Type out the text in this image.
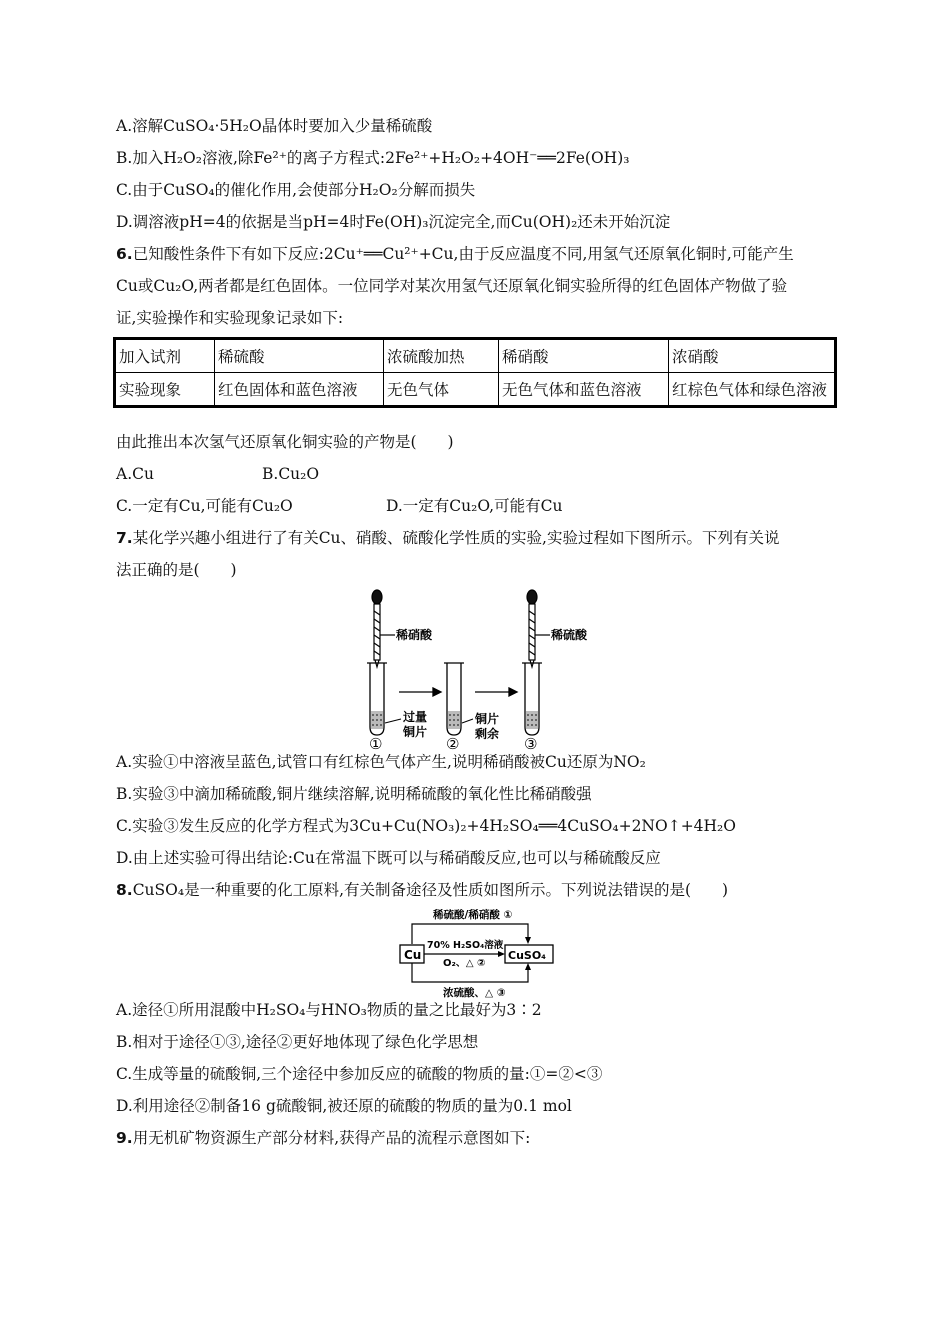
A.溶解CuSO₄·5H₂O晶体时要加入少量稀硫酸
B.加入H₂O₂溶液,除Fe²⁺的离子方程式:2Fe²⁺+H₂O₂+4OH⁻══2Fe(OH)₃
C.由于CuSO₄的催化作用,会使部分H₂O₂分解而损失
D.调溶液pH=4的依据是当pH=4时Fe(OH)₃沉淀完全,而Cu(OH)₂还未开始沉淀
6.已知酸性条件下有如下反应:2Cu⁺══Cu²⁺+Cu,由于反应温度不同,用氢气还原氧化铜时,可能产生
Cu或Cu₂O,两者都是红色固体。一位同学对某次用氢气还原氧化铜实验所得的红色固体产物做了验
证,实验操作和实验现象记录如下:
加入试剂	稀硫酸	浓硫酸加热	稀硝酸	浓硝酸
实验现象	红色固体和蓝色溶液	无色气体	无色气体和蓝色溶液	红棕色气体和绿色溶液
由此推出本次氢气还原氧化铜实验的产物是(　　)
A.Cu	B.Cu₂O
C.一定有Cu,可能有Cu₂O	D.一定有Cu₂O,可能有Cu
7.某化学兴趣小组进行了有关Cu、硝酸、硫酸化学性质的实验,实验过程如下图所示。下列有关说
法正确的是(　　)
稀硝酸
过量
铜片
①
铜片
剩余
②
稀硫酸
③
A.实验①中溶液呈蓝色,试管口有红棕色气体产生,说明稀硝酸被Cu还原为NO₂
B.实验③中滴加稀硫酸,铜片继续溶解,说明稀硫酸的氧化性比稀硝酸强
C.实验③发生反应的化学方程式为3Cu+Cu(NO₃)₂+4H₂SO₄══4CuSO₄+2NO↑+4H₂O
D.由上述实验可得出结论:Cu在常温下既可以与稀硝酸反应,也可以与稀硫酸反应
8.CuSO₄是一种重要的化工原料,有关制备途径及性质如图所示。下列说法错误的是(　　)
稀硫酸/稀硝酸 ①
Cu	CuSO₄
70% H₂SO₄溶液
O₂、△ ②
浓硫酸、△ ③
A.途径①所用混酸中H₂SO₄与HNO₃物质的量之比最好为3∶2
B.相对于途径①③,途径②更好地体现了绿色化学思想
C.生成等量的硫酸铜,三个途径中参加反应的硫酸的物质的量:①=②<③
D.利用途径②制备16 g硫酸铜,被还原的硫酸的物质的量为0.1 mol
9.用无机矿物资源生产部分材料,获得产品的流程示意图如下:
